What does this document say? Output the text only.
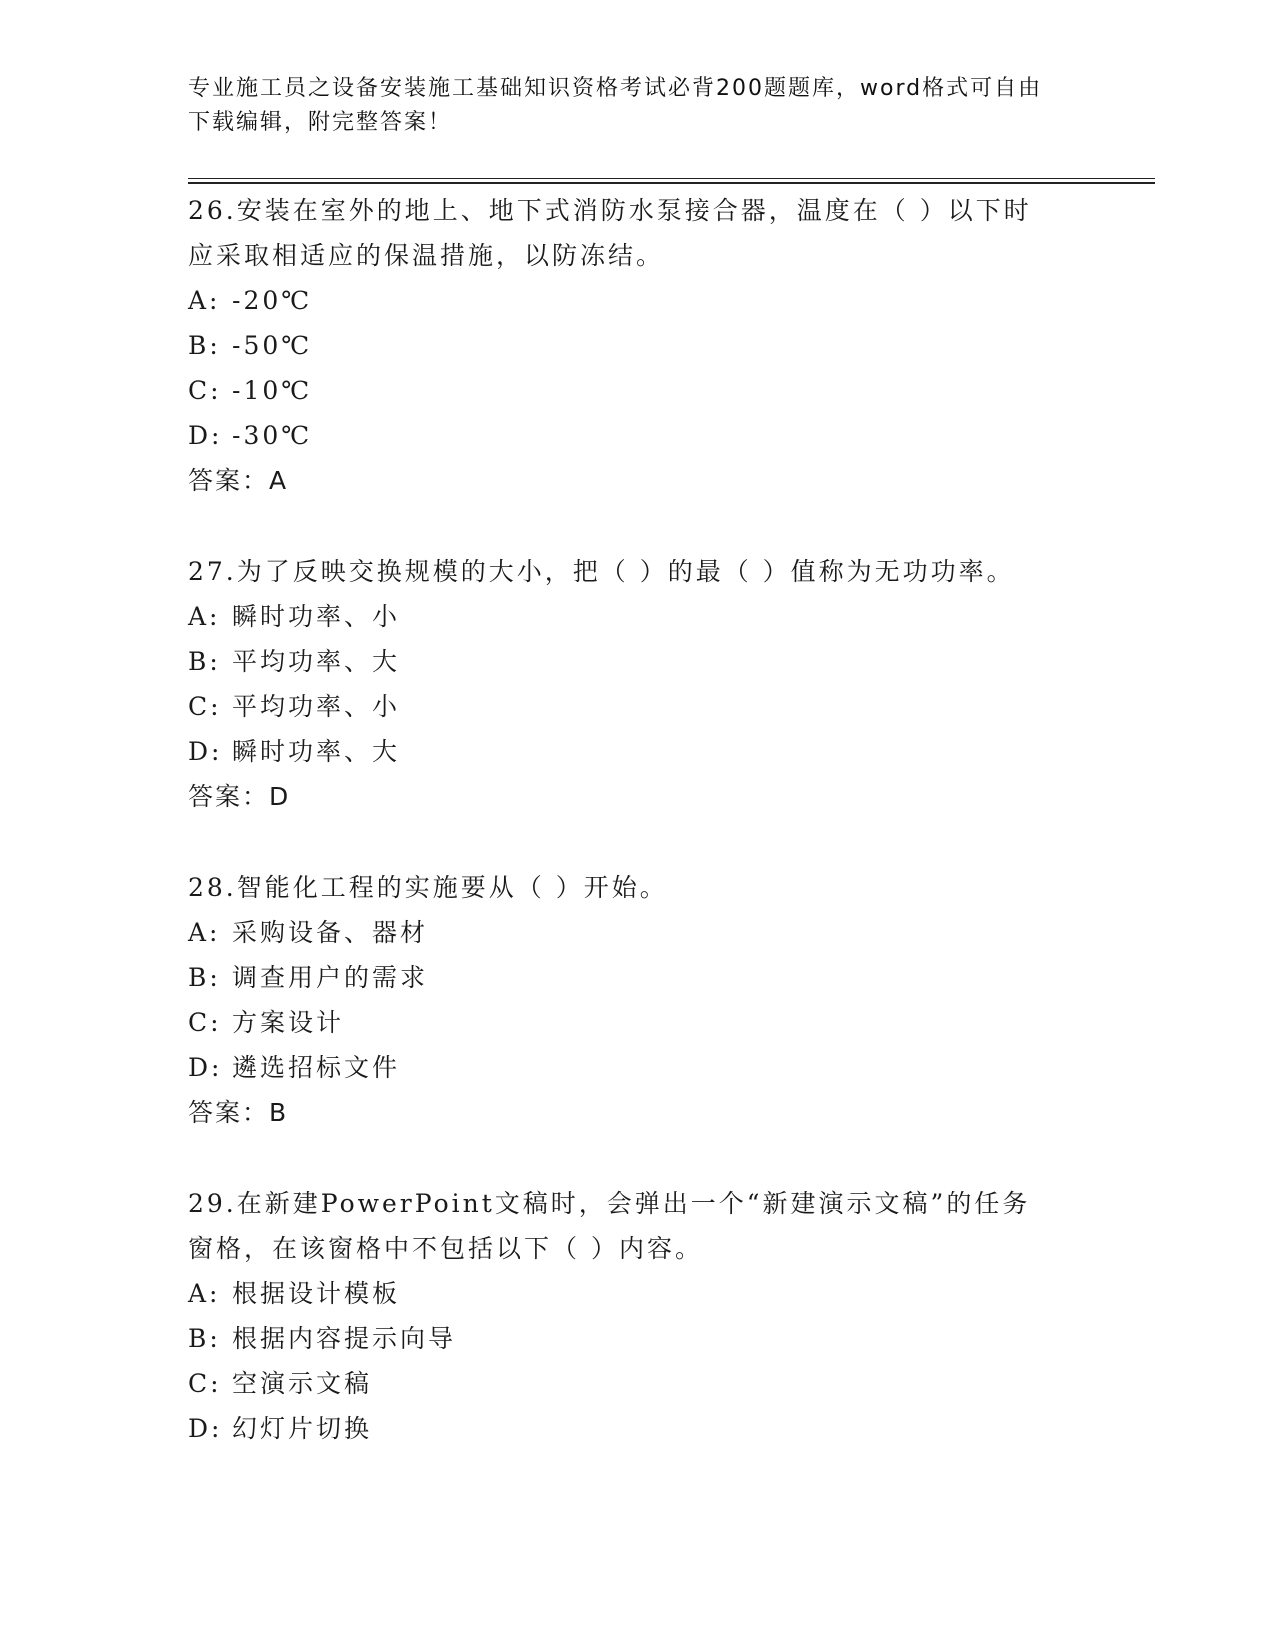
专业施工员之设备安装施工基础知识资格考试必背200题题库，word格式可自由
下载编辑，附完整答案！

26.安装在室外的地上、地下式消防水泵接合器，温度在（ ）以下时

应采取相适应的保温措施，以防冻结。

A: -20℃

B: -50℃

C: -10℃

D: -30℃

答案：A

27.为了反映交换规模的大小，把（ ）的最（ ）值称为无功功率。

A: 瞬时功率、小

B: 平均功率、大

C: 平均功率、小

D: 瞬时功率、大

答案：D

28.智能化工程的实施要从（ ）开始。

A: 采购设备、器材

B: 调查用户的需求

C: 方案设计

D: 遴选招标文件

答案：B

29.在新建PowerPoint文稿时，会弹出一个“新建演示文稿”的任务

窗格，在该窗格中不包括以下（ ）内容。

A: 根据设计模板

B: 根据内容提示向导

C: 空演示文稿

D: 幻灯片切换
